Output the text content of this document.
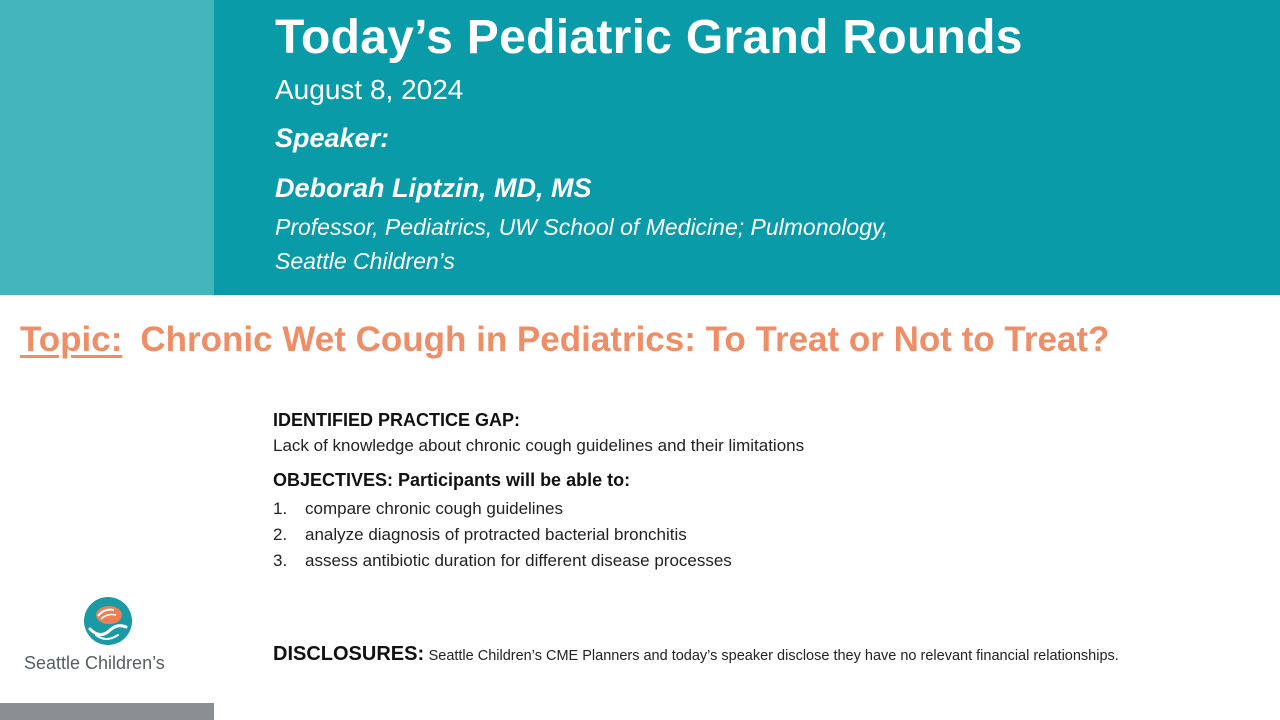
Today’s Pediatric Grand Rounds
August 8, 2024
Speaker:
Deborah Liptzin, MD, MS
Professor, Pediatrics, UW School of Medicine; Pulmonology,
Seattle Children’s
Topic: Chronic Wet Cough in Pediatrics: To Treat or Not to Treat?
IDENTIFIED PRACTICE GAP:
Lack of knowledge about chronic cough guidelines and their limitations
OBJECTIVES: Participants will be able to:
1.	compare chronic cough guidelines
2.	analyze diagnosis of protracted bacterial bronchitis
3.	assess antibiotic duration for different disease processes
DISCLOSURES: Seattle Children’s CME Planners and today’s speaker disclose they have no relevant financial relationships.
Seattle Children’s
